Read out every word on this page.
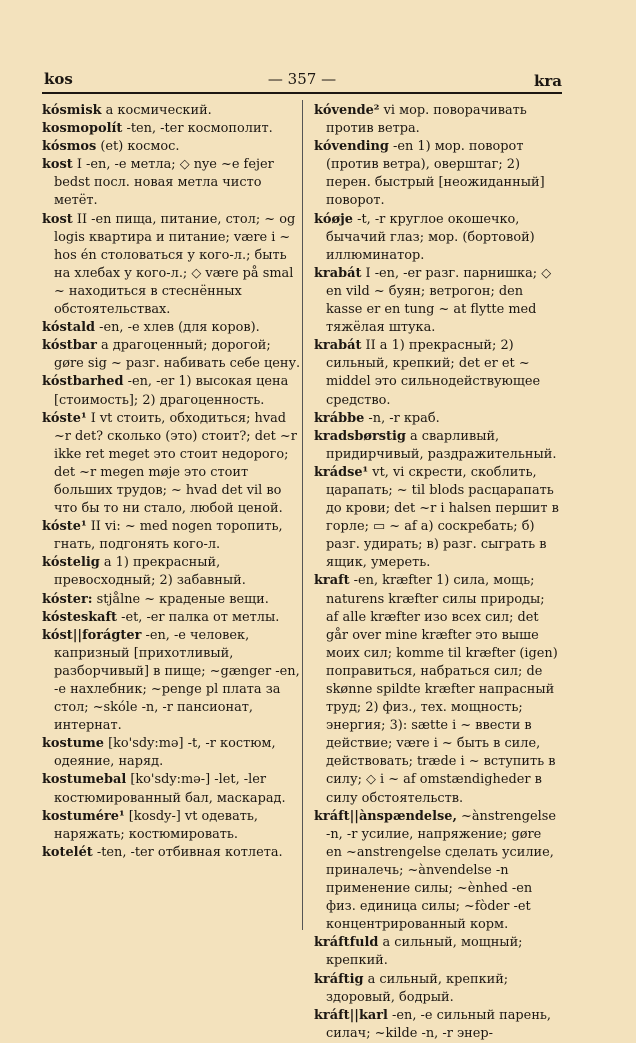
kos	— 357 —	kra

kósmisk a космический.

kosmopolít -ten, -ter космополит.

kósmos (et) космос.

kost I -en, -e метла; ◇ nye ~e fejer bedst посл. новая метла чисто метёт.

kost II -en пища, питание, стол; ~ og logis квартира и питание; være i ~ hos én столоваться у кого-л.; быть на хлебах у кого-л.; ◇ være på smal ~ находиться в стеснённых обстоятельствах.

kóstald -en, -e хлев (для коров).

kóstbar a драгоценный; дорогой; gøre sig ~ разг. набивать себе цену.

kóstbarhed -en, -er 1) высокая цена [стоимость]; 2) драгоценность.

kóste¹ I vt стоить, обходиться; hvad ~r det? сколько (это) стоит?; det ~r ikke ret meget это стоит недорого; det ~r megen møje это стоит больших трудов; ~ hvad det vil во что бы то ни стало, любой ценой.

kóste¹ II vi: ~ med nogen торопить, гнать, подгонять кого-л.

kóstelig a 1) прекрасный, превосходный; 2) забавный.

kóster: stjålne ~ краденые вещи.

kósteskaft -et, -er палка от метлы.

kóst||forágter -en, -e человек, капризный [прихотливый, разборчивый] в пище; ~gænger -en, -e нахлебник; ~penge pl плата за стол; ~skóle -n, -r пансионат, интернат.

kostume [ko'sdy:mə] -t, -r костюм, одеяние, наряд.

kostumebal [ko'sdy:mə-] -let, -ler костюмированный бал, маскарад.

kostumére¹ [kosdy-] vt одевать, наряжать; костюмировать.

kotelét -ten, -ter отбивная котлета.

kóvende² vi мор. поворачивать против ветра.

kóvending -en 1) мор. поворот (против ветра), оверштаг; 2) перен. быстрый [неожиданный] поворот.

kóøje -t, -r круглое окошечко, бычачий глаз; мор. (бортовой) иллюминатор.

krabát I -en, -er разг. парнишка; ◇ en vild ~ буян; ветрогон; den kasse er en tung ~ at flytte med тяжёлая штука.

krabát II a 1) прекрасный; 2) сильный, крепкий; det er et ~ middel это сильнодействующее средство.

krábbe -n, -r краб.

kradsbørstig a сварливый, придирчивый, раздражительный.

krádse¹ vt, vi скрести, скоблить, царапать; ~ til blods расцарапать до крови; det ~r i halsen першит в горле; ▭ ~ af a) соскребать; б) разг. удирать; в) разг. сыграть в ящик, умереть.

kraft -en, kræfter 1) сила, мощь; naturens kræfter силы природы; af alle kræfter изо всех сил; det går over mine kræfter это выше моих сил; komme til kræfter (igen) поправиться, набраться сил; de skønne spildte kræfter напрасный труд; 2) физ., тех. мощность; энергия; 3): sætte i ~ ввести в действие; være i ~ быть в силе, действовать; træde i ~ вступить в силу; ◇ i ~ af omstændigheder в силу обстоятельств.

kráft||ànspændelse, ~ànstrengelse -n, -r усилие, напряжение; gøre en ~anstrengelse сделать усилие, приналечь; ~ànvendelse -n применение силы; ~ènhed -en физ. единица силы; ~fòder -et концентрированный корм.

kráftfuld a сильный, мощный; крепкий.

kráftig a сильный, крепкий; здоровый, бодрый.

kráft||karl -en, -e сильный парень, силач; ~kilde -n, -r энер-
